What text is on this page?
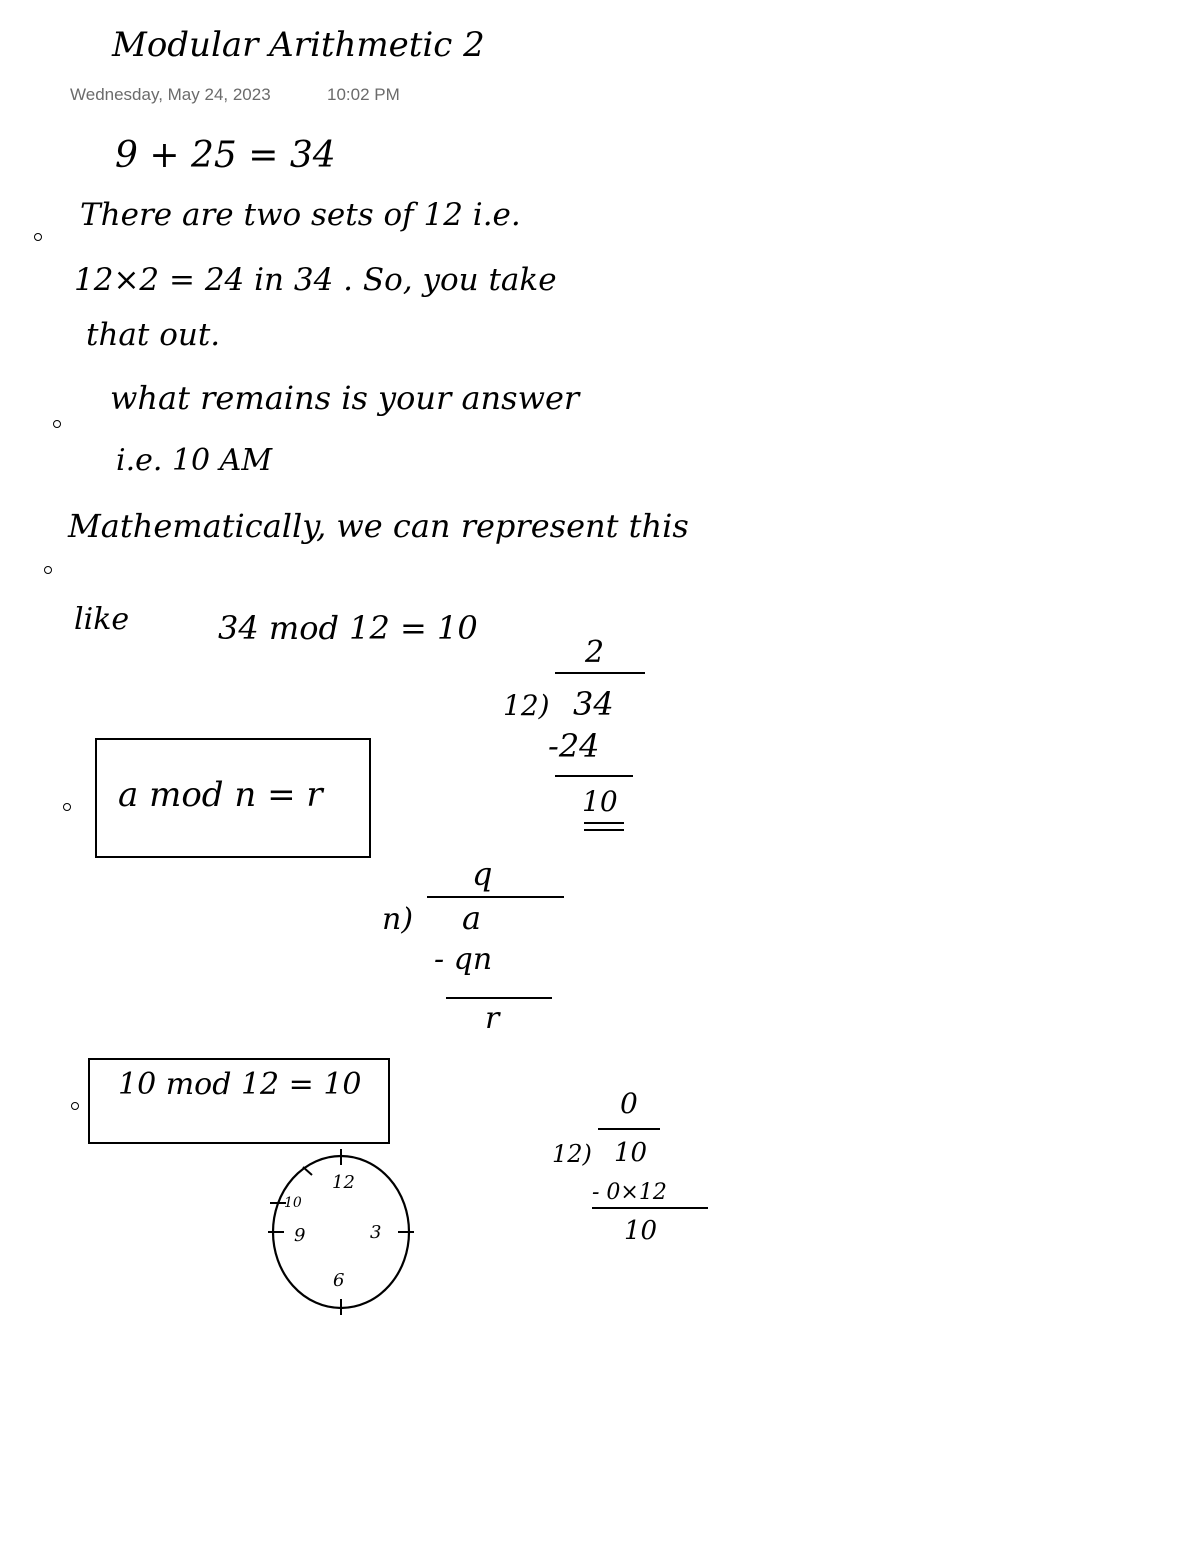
Modular Arithmetic 2
Wednesday, May 24, 2023	10:02 PM
9 + 25 = 34
There are two sets of 12 i.e.
12×2 = 24 in 34 . So, you take
that out.
what remains is your answer
i.e. 10 AM
Mathematically, we can represent this
like	34 mod 12 = 10
2
12) 34
-24
10
a mod n = r
q
n) a
- qn
r
10 mod 12 = 10
0
12) 10
- 0×12
10
12
3
6
9
10
